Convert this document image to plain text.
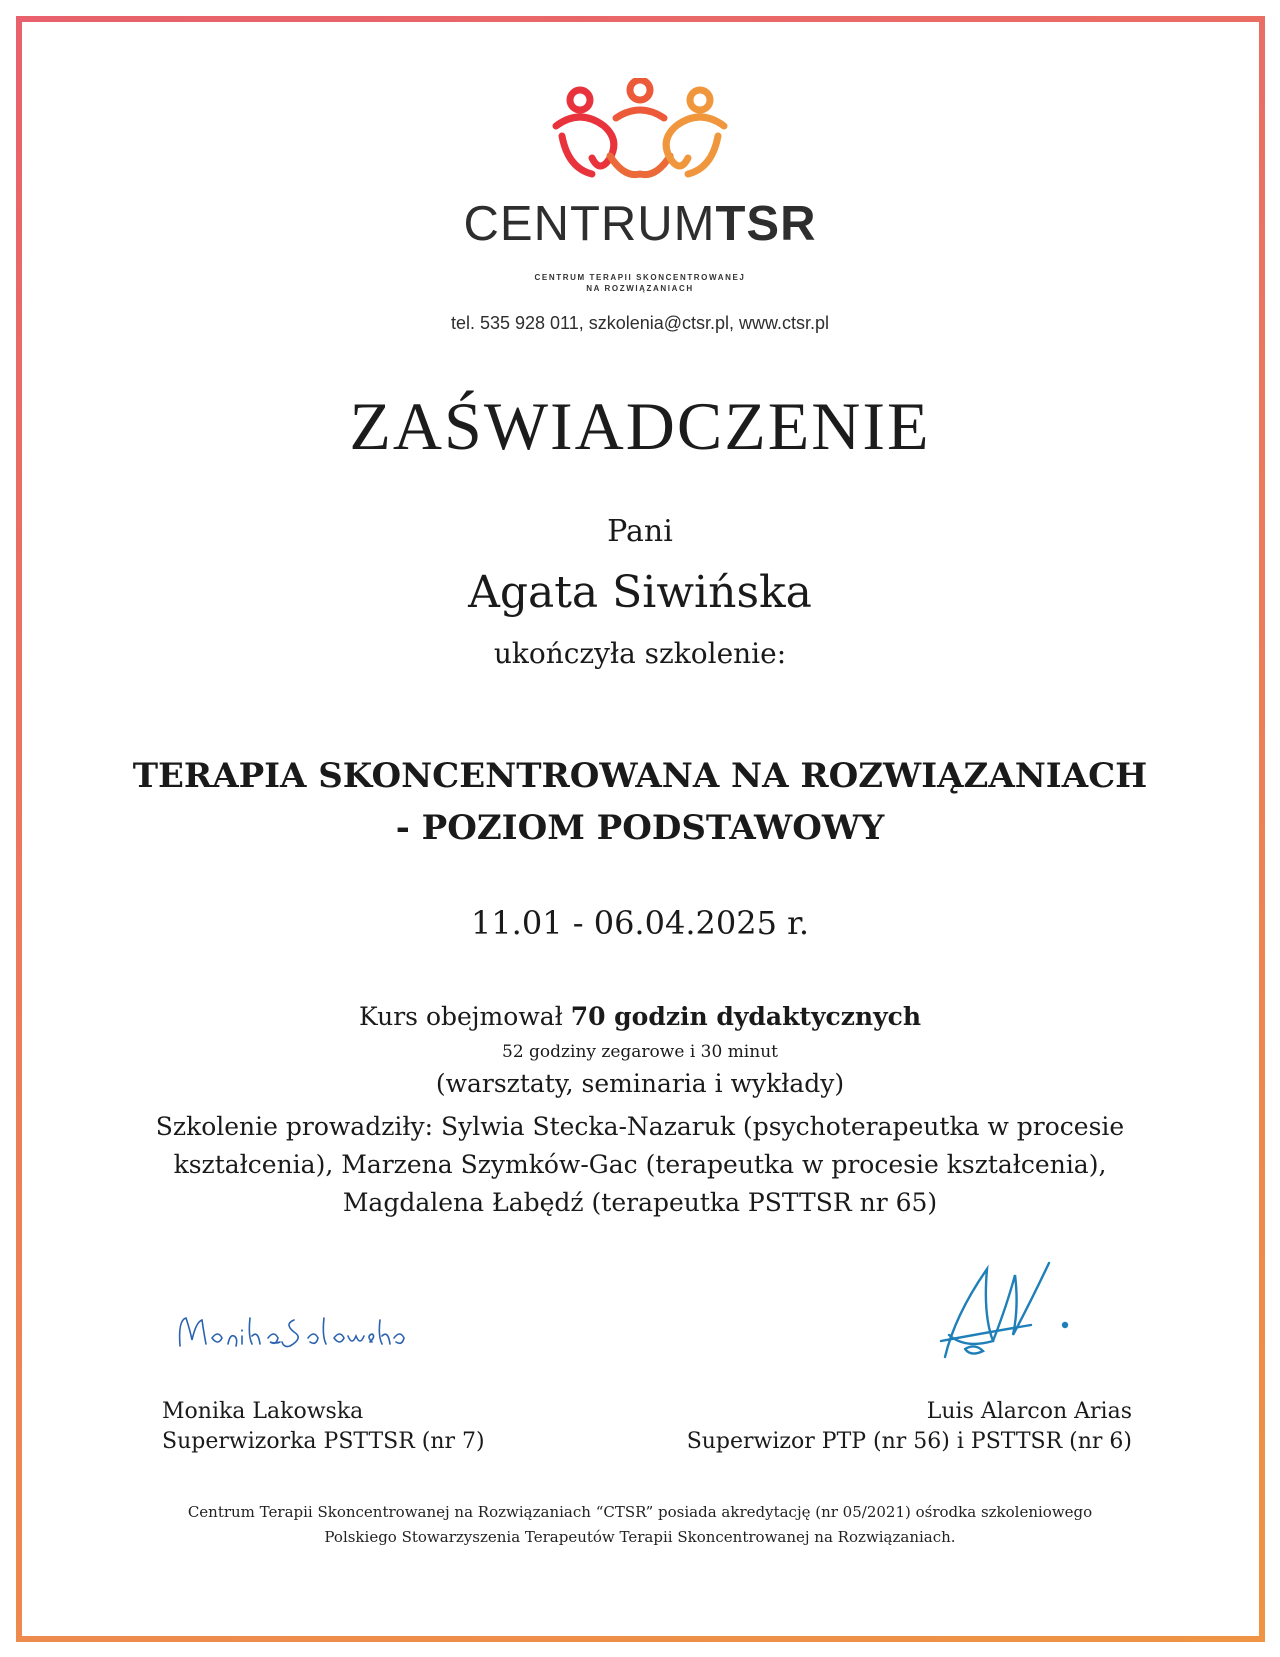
CENTRUMTSR
CENTRUM TERAPII SKONCENTROWANEJ
NA ROZWIĄZANIACH
tel. 535 928 011, szkolenia@ctsr.pl, www.ctsr.pl
ZAŚWIADCZENIE
Pani
Agata Siwińska
ukończyła szkolenie:
TERAPIA SKONCENTROWANA NA ROZWIĄZANIACH
- POZIOM PODSTAWOWY
11.01 - 06.04.2025 r.
Kurs obejmował 70 godzin dydaktycznych
52 godziny zegarowe i 30 minut
(warsztaty, seminaria i wykłady)
Szkolenie prowadziły: Sylwia Stecka-Nazaruk (psychoterapeutka w procesie kształcenia), Marzena Szymków-Gac (terapeutka w procesie kształcenia), Magdalena Łabędź (terapeutka PSTTSR nr 65)
Monika Lakowska
Superwizorka PSTTSR (nr 7)
Luis Alarcon Arias
Superwizor PTP (nr 56) i PSTTSR (nr 6)
Centrum Terapii Skoncentrowanej na Rozwiązaniach “CTSR” posiada akredytację (nr 05/2021) ośrodka szkoleniowego
Polskiego Stowarzyszenia Terapeutów Terapii Skoncentrowanej na Rozwiązaniach.
